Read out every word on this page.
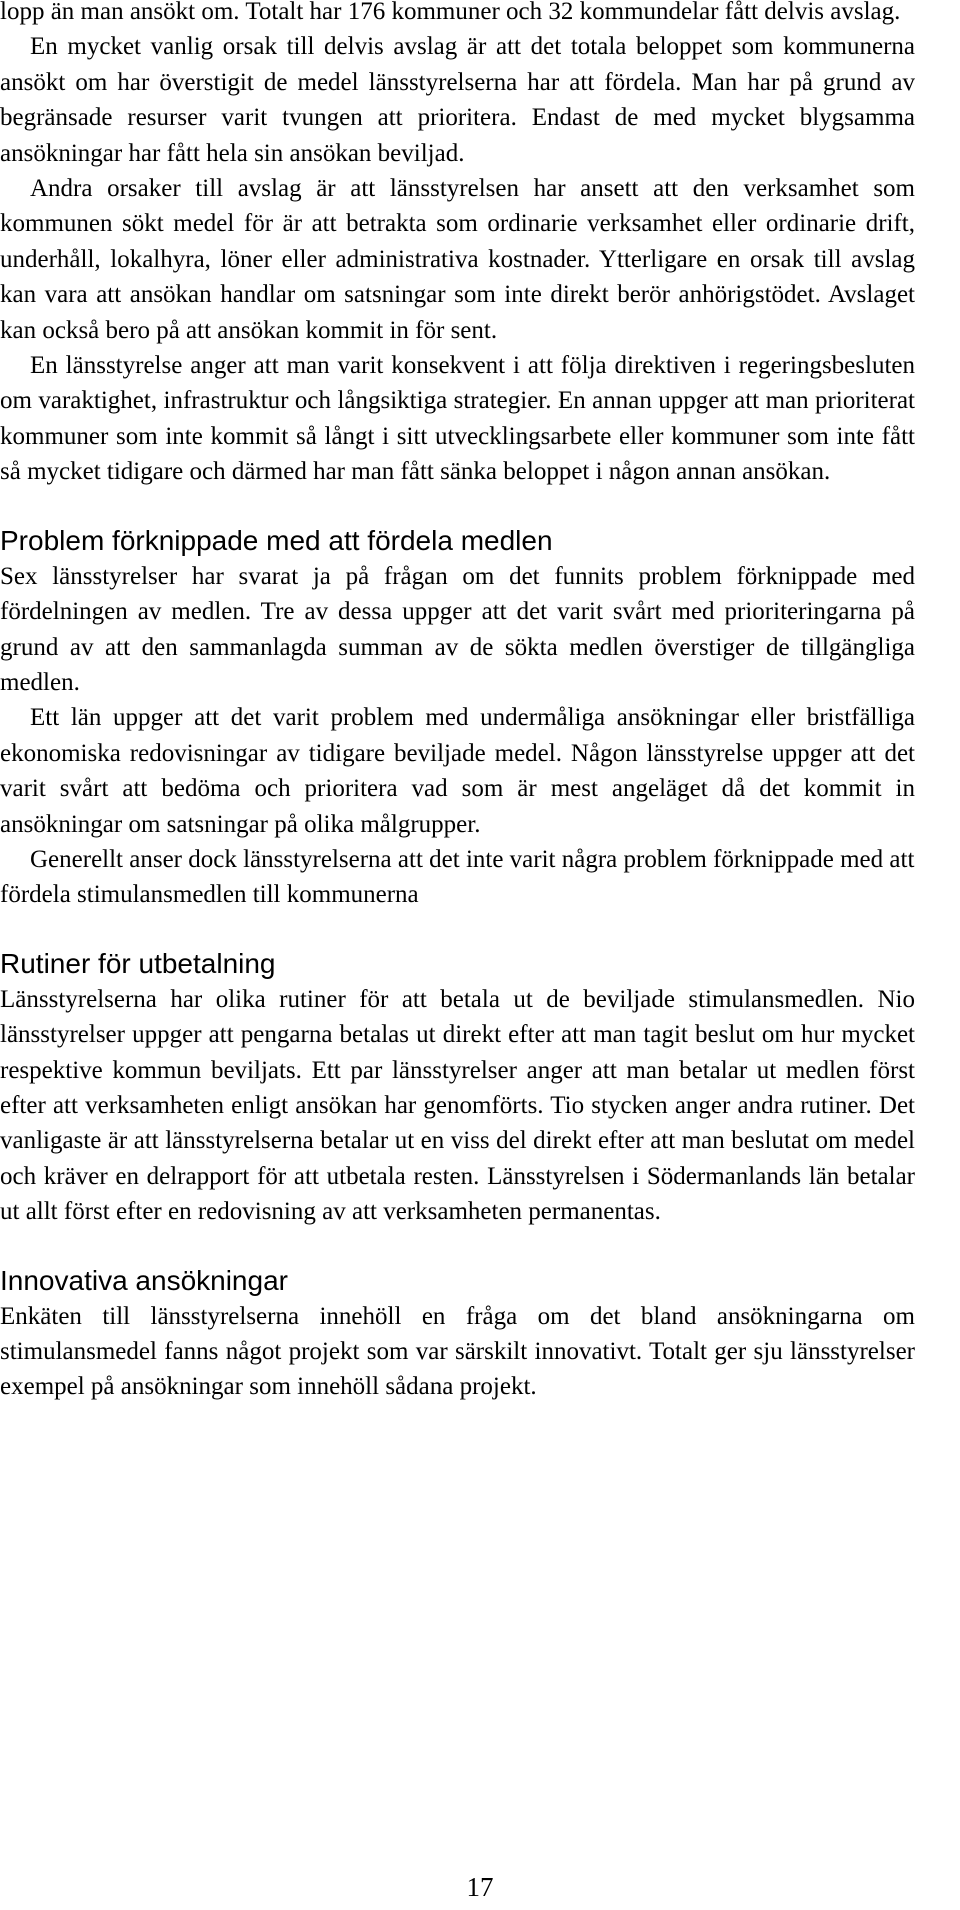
lopp än man ansökt om. Totalt har 176 kommuner och 32 kommundelar fått delvis avslag.

En mycket vanlig orsak till delvis avslag är att det totala beloppet som kommunerna ansökt om har överstigit de medel länsstyrelserna har att fördela. Man har på grund av begränsade resurser varit tvungen att prioritera. Endast de med mycket blygsamma ansökningar har fått hela sin ansökan beviljad.

Andra orsaker till avslag är att länsstyrelsen har ansett att den verksamhet som kommunen sökt medel för är att betrakta som ordinarie verksamhet eller ordinarie drift, underhåll, lokalhyra, löner eller administrativa kostnader. Ytterligare en orsak till avslag kan vara att ansökan handlar om satsningar som inte direkt berör anhörigstödet. Avslaget kan också bero på att ansökan kommit in för sent.

En länsstyrelse anger att man varit konsekvent i att följa direktiven i regeringsbesluten om varaktighet, infrastruktur och långsiktiga strategier. En annan uppger att man prioriterat kommuner som inte kommit så långt i sitt utvecklingsarbete eller kommuner som inte fått så mycket tidigare och därmed har man fått sänka beloppet i någon annan ansökan.

Problem förknippade med att fördela medlen

Sex länsstyrelser har svarat ja på frågan om det funnits problem förknippade med fördelningen av medlen. Tre av dessa uppger att det varit svårt med prioriteringarna på grund av att den sammanlagda summan av de sökta medlen överstiger de tillgängliga medlen.

Ett län uppger att det varit problem med undermåliga ansökningar eller bristfälliga ekonomiska redovisningar av tidigare beviljade medel. Någon länsstyrelse uppger att det varit svårt att bedöma och prioritera vad som är mest angeläget då det kommit in ansökningar om satsningar på olika målgrupper.

Generellt anser dock länsstyrelserna att det inte varit några problem förknippade med att fördela stimulansmedlen till kommunerna

Rutiner för utbetalning

Länsstyrelserna har olika rutiner för att betala ut de beviljade stimulansmedlen. Nio länsstyrelser uppger att pengarna betalas ut direkt efter att man tagit beslut om hur mycket respektive kommun beviljats. Ett par länsstyrelser anger att man betalar ut medlen först efter att verksamheten enligt ansökan har genomförts. Tio stycken anger andra rutiner. Det vanligaste är att länsstyrelserna betalar ut en viss del direkt efter att man beslutat om medel och kräver en delrapport för att utbetala resten. Länsstyrelsen i Södermanlands län betalar ut allt först efter en redovisning av att verksamheten permanentas.

Innovativa ansökningar

Enkäten till länsstyrelserna innehöll en fråga om det bland ansökningarna om stimulansmedel fanns något projekt som var särskilt innovativt. Totalt ger sju länsstyrelser exempel på ansökningar som innehöll sådana projekt.

17
